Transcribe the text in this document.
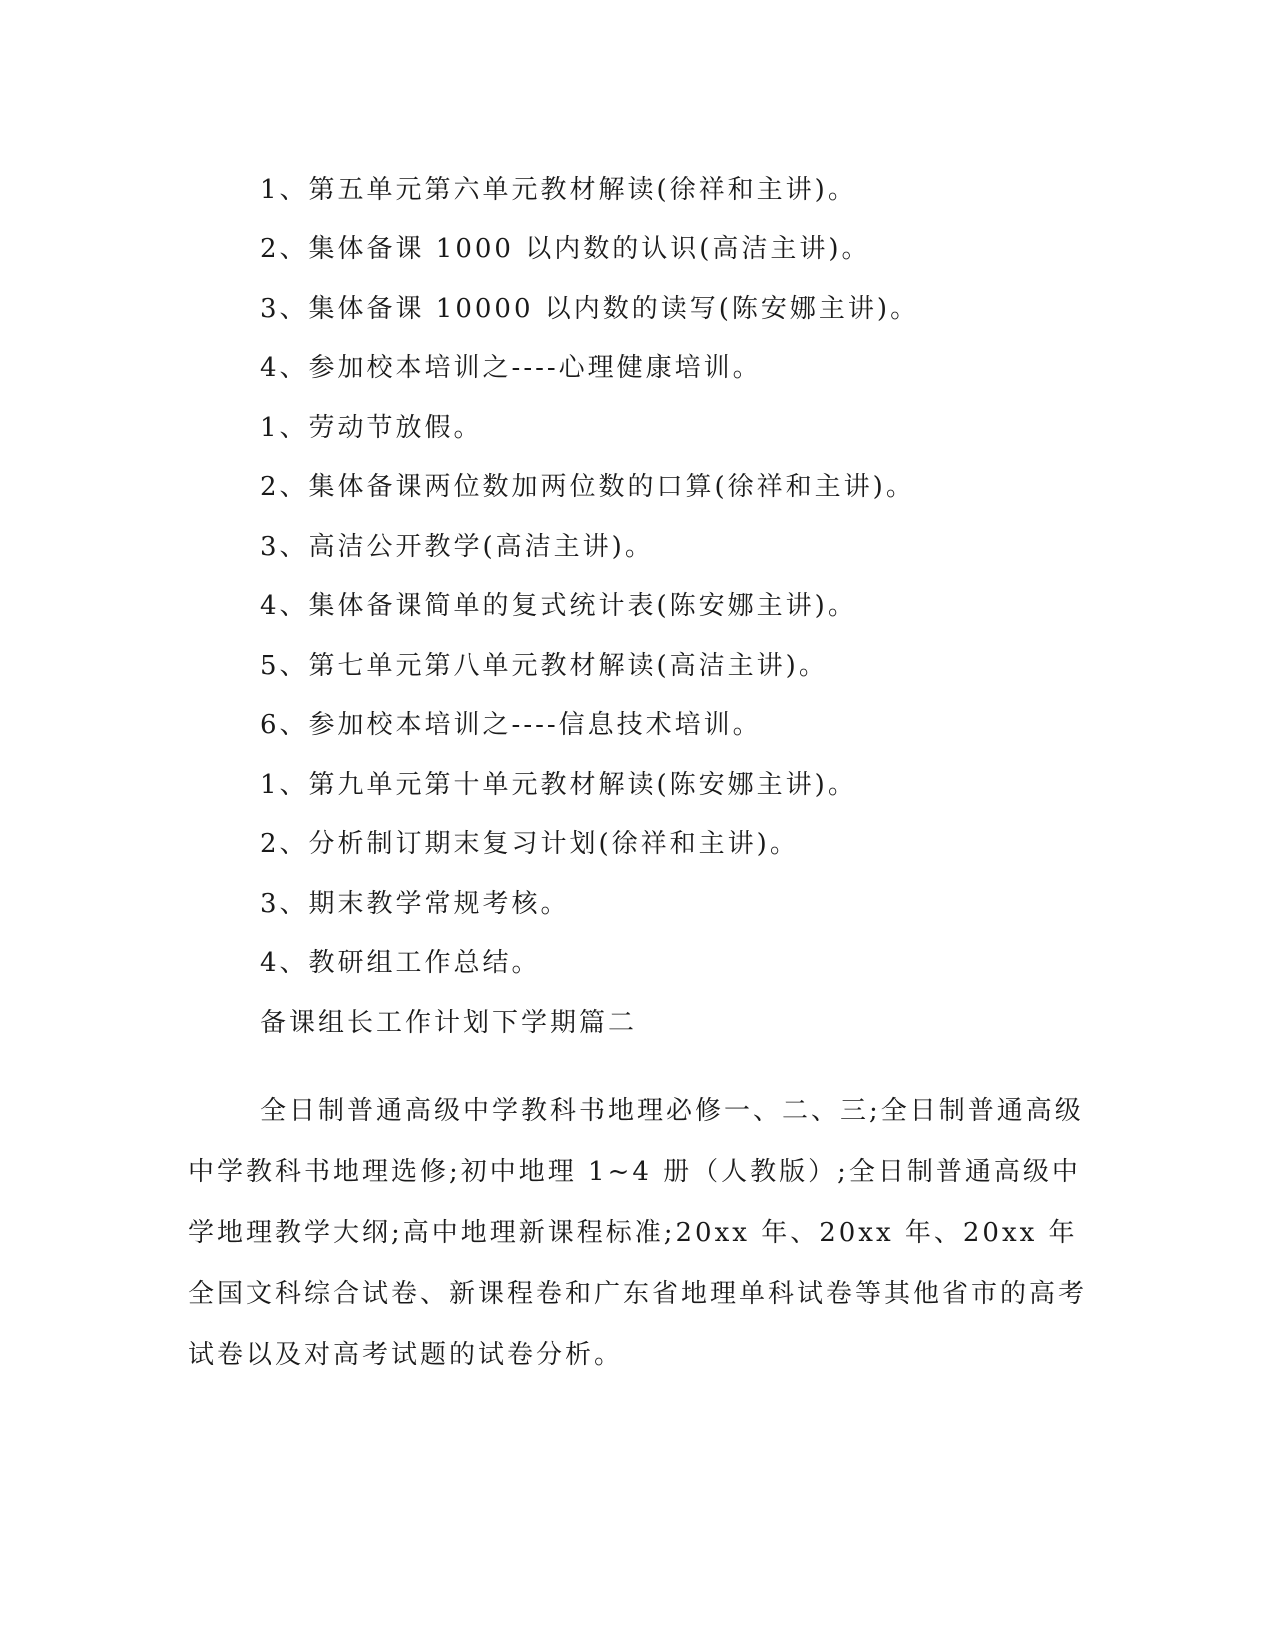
1、第五单元第六单元教材解读(徐祥和主讲)。
2、集体备课 1000 以内数的认识(高洁主讲)。
3、集体备课 10000 以内数的读写(陈安娜主讲)。
4、参加校本培训之----心理健康培训。
1、劳动节放假。
2、集体备课两位数加两位数的口算(徐祥和主讲)。
3、高洁公开教学(高洁主讲)。
4、集体备课简单的复式统计表(陈安娜主讲)。
5、第七单元第八单元教材解读(高洁主讲)。
6、参加校本培训之----信息技术培训。
1、第九单元第十单元教材解读(陈安娜主讲)。
2、分析制订期末复习计划(徐祥和主讲)。
3、期末教学常规考核。
4、教研组工作总结。
备课组长工作计划下学期篇二

全日制普通高级中学教科书地理必修一、二、三;全日制普通高级中学教科书地理选修;初中地理 1~4 册（人教版）;全日制普通高级中学地理教学大纲;高中地理新课程标准;20xx 年、20xx 年、20xx 年全国文科综合试卷、新课程卷和广东省地理单科试卷等其他省市的高考试卷以及对高考试题的试卷分析。
